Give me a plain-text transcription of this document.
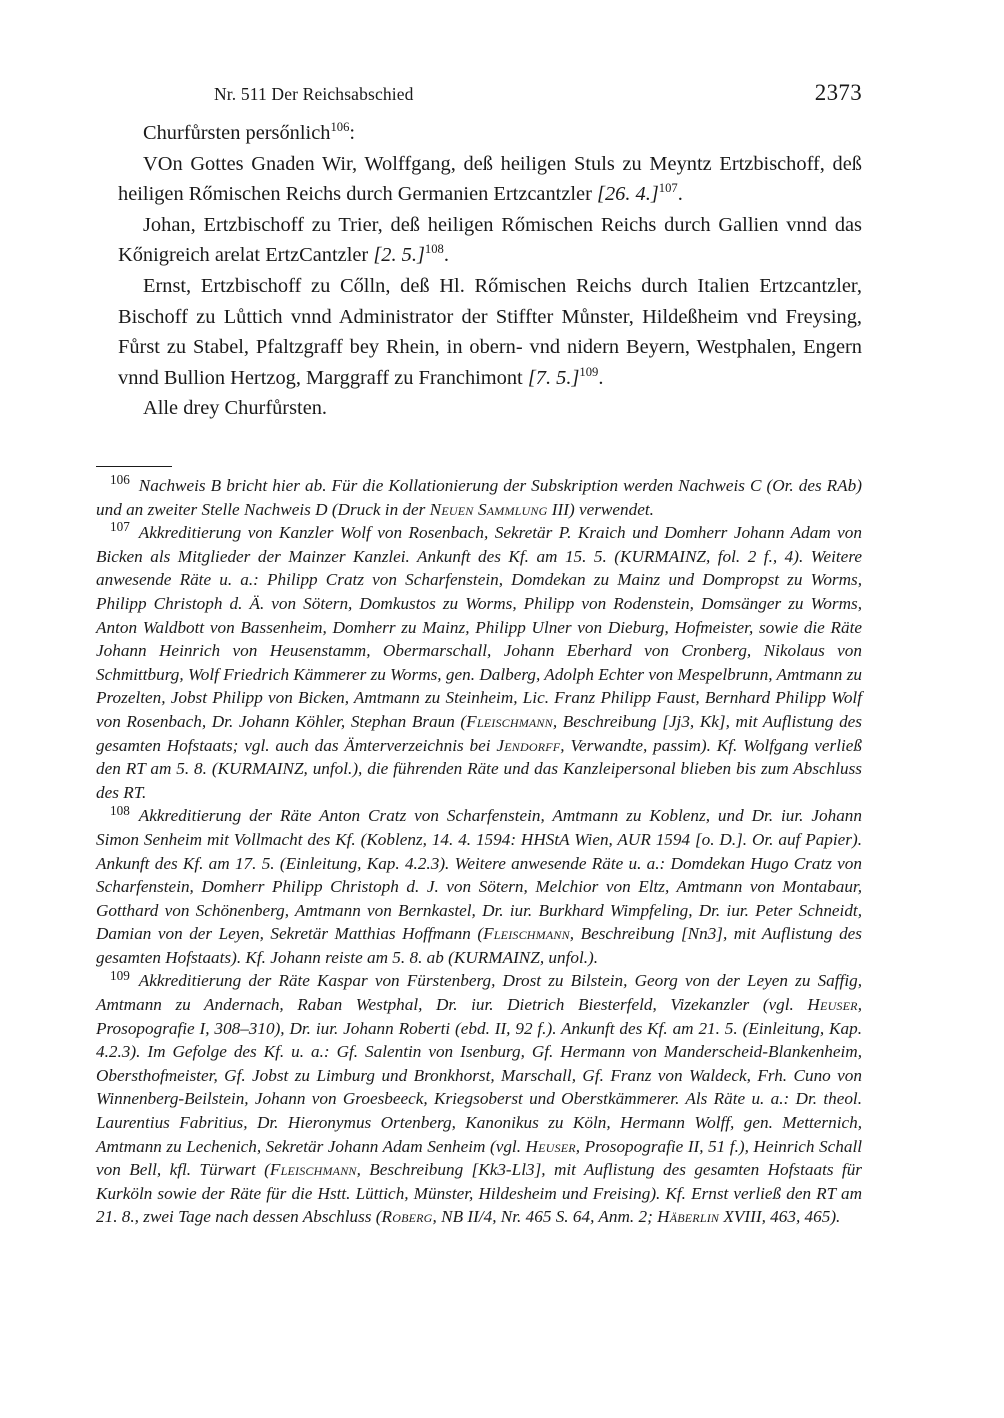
Nr. 511 Der Reichsabschied	2373

Churfůrsten persőnlich$^{106}$:

VOn Gottes Gnaden Wir, Wolffgang, deß heiligen Stuls zu Meyntz Ertzbischoff, deß heiligen Rőmischen Reichs durch Germanien Ertzcantzler [26. 4.]$^{107}$.

Johan, Ertzbischoff zu Trier, deß heiligen Rőmischen Reichs durch Gallien vnnd das Kőnigreich arelat ErtzCantzler [2. 5.]$^{108}$.

Ernst, Ertzbischoff zu Cőlln, deß Hl. Rőmischen Reichs durch Italien Ertzcantzler, Bischoff zu Lůttich vnnd Administrator der Stiffter Můnster, Hildeßheim vnd Freysing, Fůrst zu Stabel, Pfaltzgraff bey Rhein, in obern- vnd nidern Beyern, Westphalen, Engern vnnd Bullion Hertzog, Marggraff zu Franchimont [7. 5.]$^{109}$.

Alle drey Churfůrsten.

$^{106}$ Nachweis B bricht hier ab. Für die Kollationierung der Subskription werden Nachweis C (Or. des RAb) und an zweiter Stelle Nachweis D (Druck in der Neuen Sammlung III) verwendet.

$^{107}$ Akkreditierung von Kanzler Wolf von Rosenbach, Sekretär P. Kraich und Domherr Johann Adam von Bicken als Mitglieder der Mainzer Kanzlei. Ankunft des Kf. am 15. 5. (KURMAINZ, fol. 2 f., 4). Weitere anwesende Räte u. a.: Philipp Cratz von Scharfenstein, Domdekan zu Mainz und Dompropst zu Worms, Philipp Christoph d. Ä. von Sötern, Domkustos zu Worms, Philipp von Rodenstein, Domsänger zu Worms, Anton Waldbott von Bassenheim, Domherr zu Mainz, Philipp Ulner von Dieburg, Hofmeister, sowie die Räte Johann Heinrich von Heusenstamm, Obermarschall, Johann Eberhard von Cronberg, Nikolaus von Schmittburg, Wolf Friedrich Kämmerer zu Worms, gen. Dalberg, Adolph Echter von Mespelbrunn, Amtmann zu Prozelten, Jobst Philipp von Bicken, Amtmann zu Steinheim, Lic. Franz Philipp Faust, Bernhard Philipp Wolf von Rosenbach, Dr. Johann Köhler, Stephan Braun (Fleischmann, Beschreibung [Jj3, Kk], mit Auflistung des gesamten Hofstaats; vgl. auch das Ämterverzeichnis bei Jendorff, Verwandte, passim). Kf. Wolfgang verließ den RT am 5. 8. (KURMAINZ, unfol.), die führenden Räte und das Kanzleipersonal blieben bis zum Abschluss des RT.

$^{108}$ Akkreditierung der Räte Anton Cratz von Scharfenstein, Amtmann zu Koblenz, und Dr. iur. Johann Simon Senheim mit Vollmacht des Kf. (Koblenz, 14. 4. 1594: HHStA Wien, AUR 1594 [o. D.]. Or. auf Papier). Ankunft des Kf. am 17. 5. (Einleitung, Kap. 4.2.3). Weitere anwesende Räte u. a.: Domdekan Hugo Cratz von Scharfenstein, Domherr Philipp Christoph d. J. von Sötern, Melchior von Eltz, Amtmann von Montabaur, Gotthard von Schönenberg, Amtmann von Bernkastel, Dr. iur. Burkhard Wimpfeling, Dr. iur. Peter Schneidt, Damian von der Leyen, Sekretär Matthias Hoffmann (Fleischmann, Beschreibung [Nn3], mit Auflistung des gesamten Hofstaats). Kf. Johann reiste am 5. 8. ab (KURMAINZ, unfol.).

$^{109}$ Akkreditierung der Räte Kaspar von Fürstenberg, Drost zu Bilstein, Georg von der Leyen zu Saffig, Amtmann zu Andernach, Raban Westphal, Dr. iur. Dietrich Biesterfeld, Vizekanzler (vgl. Heuser, Prosopografie I, 308–310), Dr. iur. Johann Roberti (ebd. II, 92 f.). Ankunft des Kf. am 21. 5. (Einleitung, Kap. 4.2.3). Im Gefolge des Kf. u. a.: Gf. Salentin von Isenburg, Gf. Hermann von Manderscheid-Blankenheim, Obersthofmeister, Gf. Jobst zu Limburg und Bronkhorst, Marschall, Gf. Franz von Waldeck, Frh. Cuno von Winnenberg-Beilstein, Johann von Groesbeeck, Kriegsoberst und Oberstkämmerer. Als Räte u. a.: Dr. theol. Laurentius Fabritius, Dr. Hieronymus Ortenberg, Kanonikus zu Köln, Hermann Wolff, gen. Metternich, Amtmann zu Lechenich, Sekretär Johann Adam Senheim (vgl. Heuser, Prosopografie II, 51 f.), Heinrich Schall von Bell, kfl. Türwart (Fleischmann, Beschreibung [Kk3-Ll3], mit Auflistung des gesamten Hofstaats für Kurköln sowie der Räte für die Hstt. Lüttich, Münster, Hildesheim und Freising). Kf. Ernst verließ den RT am 21. 8., zwei Tage nach dessen Abschluss (Roberg, NB II/4, Nr. 465 S. 64, Anm. 2; Häberlin XVIII, 463, 465).
